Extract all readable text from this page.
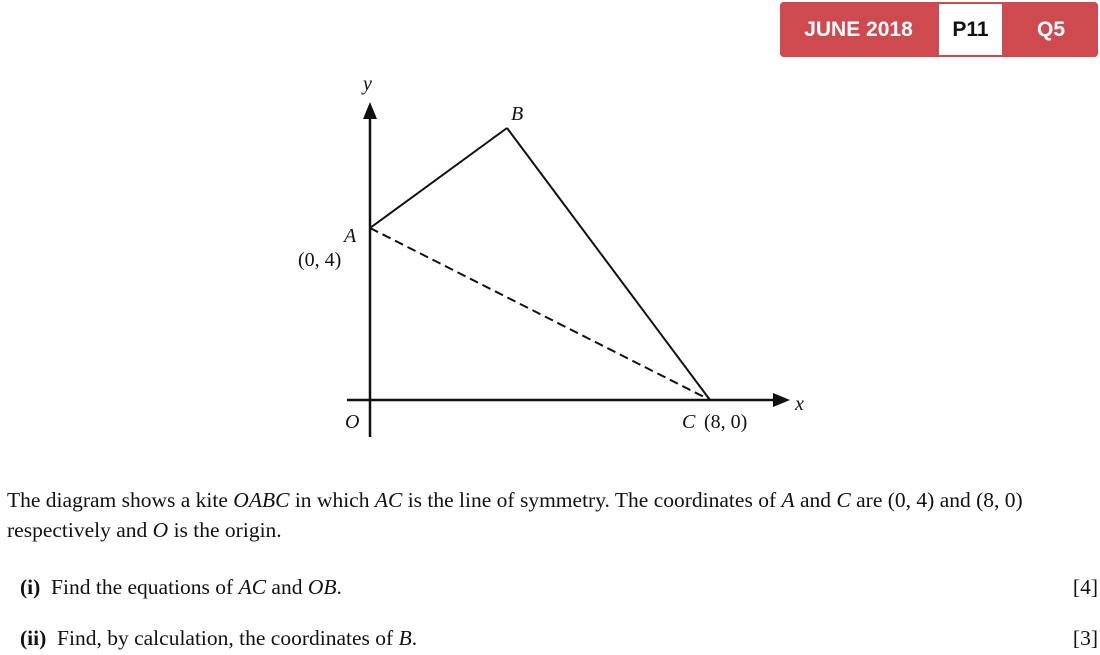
JUNE 2018	P11	Q5
y
x
O
A
(0, 4)
B
C (8, 0)

The diagram shows a kite OABC in which AC is the line of symmetry. The coordinates of A and C are (0, 4) and (8, 0) respectively and O is the origin.

(i) Find the equations of AC and OB.	[4]
(ii) Find, by calculation, the coordinates of B.	[3]
